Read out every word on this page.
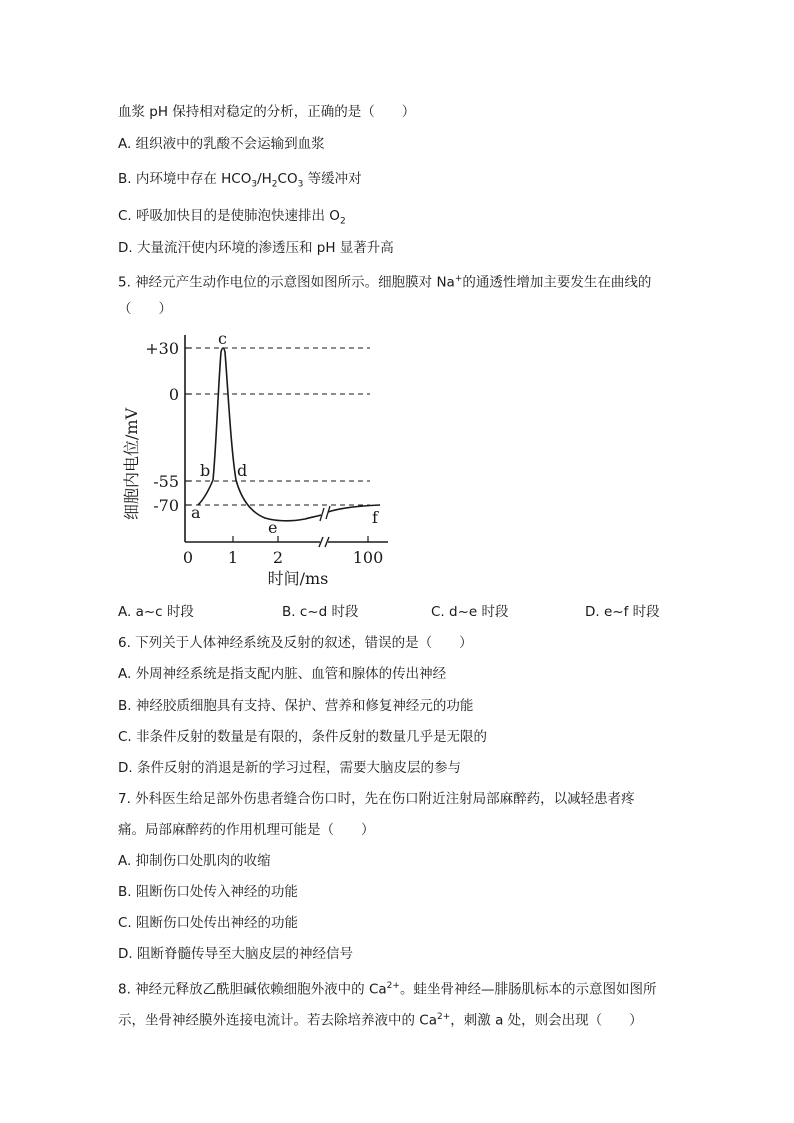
血浆 pH 保持相对稳定的分析，正确的是（　　）
A. 组织液中的乳酸不会运输到血浆
B. 内环境中存在 $HCO_3/H_2CO_3$ 等缓冲对
C. 呼吸加快目的是使肺泡快速排出 $O_2$
D. 大量流汗使内环境的渗透压和 pH 显著升高
5. 神经元产生动作电位的示意图如图所示。细胞膜对 Na+的通透性增加主要发生在曲线的
（　　）
细胞内电位/mV
+30
0
-55
-70
0 1 2	100
时间/ms
a
b
c
d
e
f
A. a~c 时段	B. c~d 时段	C. d~e 时段	D. e~f 时段
6. 下列关于人体神经系统及反射的叙述，错误的是（　　）
A. 外周神经系统是指支配内脏、血管和腺体的传出神经
B. 神经胶质细胞具有支持、保护、营养和修复神经元的功能
C. 非条件反射的数量是有限的，条件反射的数量几乎是无限的
D. 条件反射的消退是新的学习过程，需要大脑皮层的参与
7. 外科医生给足部外伤患者缝合伤口时，先在伤口附近注射局部麻醉药，以减轻患者疼
痛。局部麻醉药的作用机理可能是（　　）
A. 抑制伤口处肌肉的收缩
B. 阻断伤口处传入神经的功能
C. 阻断伤口处传出神经的功能
D. 阻断脊髓传导至大脑皮层的神经信号
8. 神经元释放乙酰胆碱依赖细胞外液中的 $Ca^{2+}$。蛙坐骨神经—腓肠肌标本的示意图如图所
示，坐骨神经膜外连接电流计。若去除培养液中的 $Ca^{2+}$，刺激 a 处，则会出现（　　）
